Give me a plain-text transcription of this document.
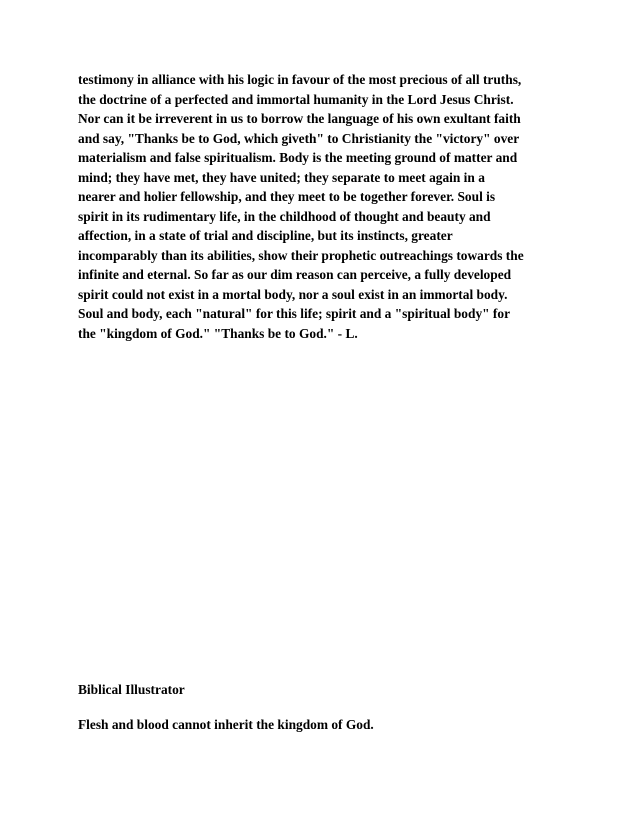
testimony in alliance with his logic in favour of the most precious of all truths,
the doctrine of a perfected and immortal humanity in the Lord Jesus Christ.
Nor can it be irreverent in us to borrow the language of his own exultant faith
and say, "Thanks be to God, which giveth" to Christianity the "victory" over
materialism and false spiritualism. Body is the meeting ground of matter and
mind; they have met, they have united; they separate to meet again in a
nearer and holier fellowship, and they meet to be together forever. Soul is
spirit in its rudimentary life, in the childhood of thought and beauty and
affection, in a state of trial and discipline, but its instincts, greater
incomparably than its abilities, show their prophetic outreachings towards the
infinite and eternal. So far as our dim reason can perceive, a fully developed
spirit could not exist in a mortal body, nor a soul exist in an immortal body.
Soul and body, each "natural" for this life; spirit and a "spiritual body" for
the "kingdom of God." "Thanks be to God." - L.

Biblical Illustrator

Flesh and blood cannot inherit the kingdom of God.
